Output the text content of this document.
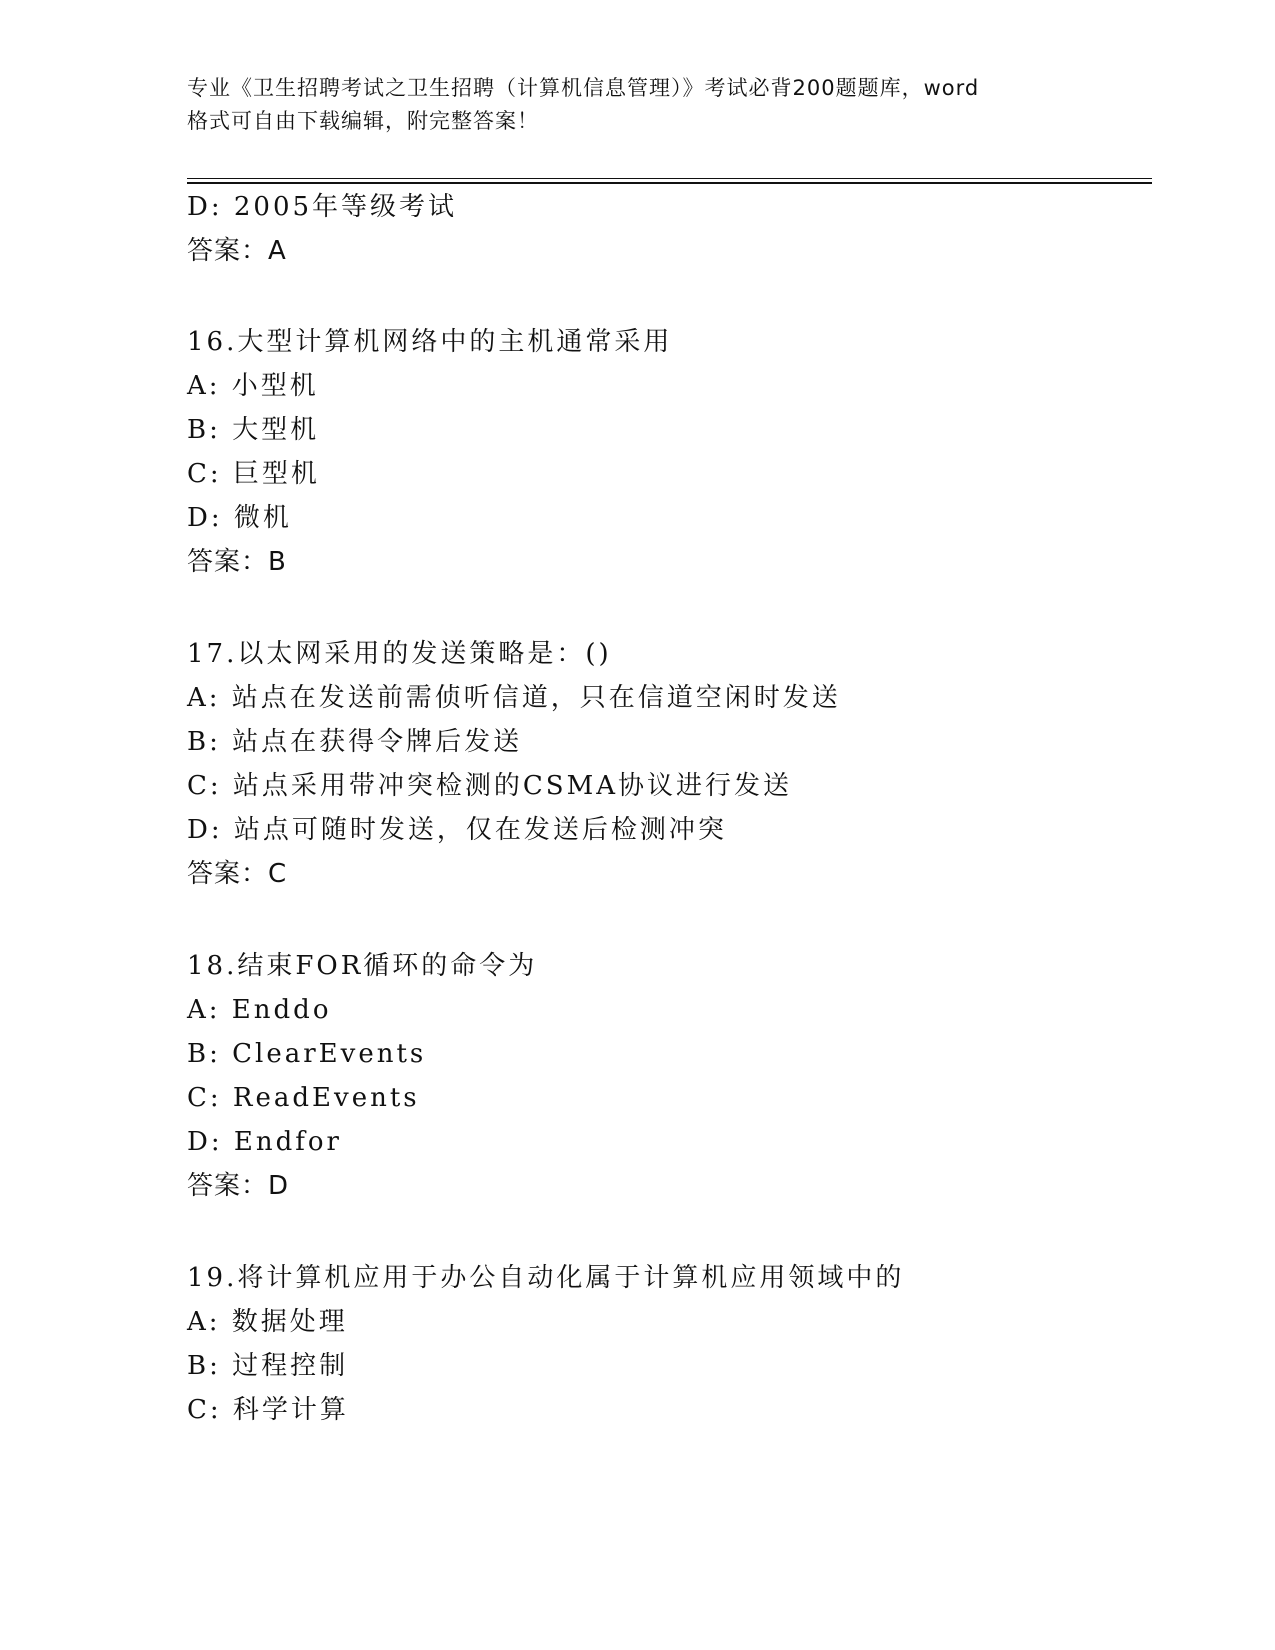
专业《卫生招聘考试之卫生招聘（计算机信息管理）》考试必背200题题库，word
格式可自由下载编辑，附完整答案！
D: 2005年等级考试
答案：A
16.大型计算机网络中的主机通常采用
A: 小型机
B: 大型机
C: 巨型机
D: 微机
答案：B
17.以太网采用的发送策略是：()
A: 站点在发送前需侦听信道，只在信道空闲时发送
B: 站点在获得令牌后发送
C: 站点采用带冲突检测的CSMA协议进行发送
D: 站点可随时发送，仅在发送后检测冲突
答案：C
18.结束FOR循环的命令为
A: Enddo
B: ClearEvents
C: ReadEvents
D: Endfor
答案：D
19.将计算机应用于办公自动化属于计算机应用领域中的
A: 数据处理
B: 过程控制
C: 科学计算
